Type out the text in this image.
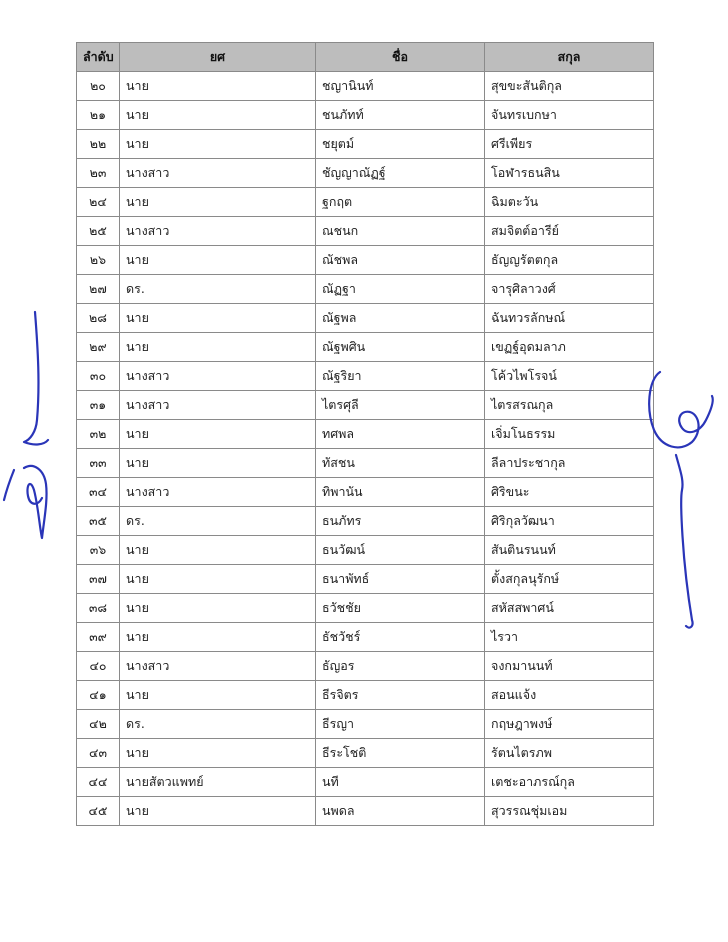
ลำดับ	ยศ	ชื่อ	สกุล
๒๐	นาย	ชญานินท์	สุขขะสันติกุล
๒๑	นาย	ชนภัทท์	จันทรเบกษา
๒๒	นาย	ชยุตม์	ศรีเพียร
๒๓	นางสาว	ชัญญาณัฏฐ์	โอฬารธนสิน
๒๔	นาย	ฐกฤต	ฉิมตะวัน
๒๕	นางสาว	ณชนก	สมจิตต์อารีย์
๒๖	นาย	ณัชพล	ธัญญรัตตกุล
๒๗	ดร.	ณัฏฐา	จารุศิลาวงศ์
๒๘	นาย	ณัฐพล	ฉันทวรลักษณ์
๒๙	นาย	ณัฐพศิน	เขฏฐ์อุดมลาภ
๓๐	นางสาว	ณัฐริยา	โค้วไพโรจน์
๓๑	นางสาว	ไตรศุลี	ไตรสรณกุล
๓๒	นาย	ทศพล	เจิ่มโนธรรม
๓๓	นาย	ทัสชน	ลีลาประชากุล
๓๔	นางสาว	ทิพานัน	ศิริขนะ
๓๕	ดร.	ธนภัทร	ศิริกุลวัฒนา
๓๖	นาย	ธนวัฒน์	สันตินรนนท์
๓๗	นาย	ธนาพัทธ์	ตั้งสกุลนุรักษ์
๓๘	นาย	ธวัชชัย	สหัสสพาศน์
๓๙	นาย	ธัชวัชร์	ไรวา
๔๐	นางสาว	ธัญอร	จงกมานนท์
๔๑	นาย	ธีรจิตร	สอนแจ้ง
๔๒	ดร.	ธีรญา	กฤษฎาพงษ์
๔๓	นาย	ธีระโชติ	รัตนไตรภพ
๔๔	นายสัตวแพทย์	นที	เตชะอาภรณ์กุล
๔๕	นาย	นพดล	สุวรรณชุ่มเอม
